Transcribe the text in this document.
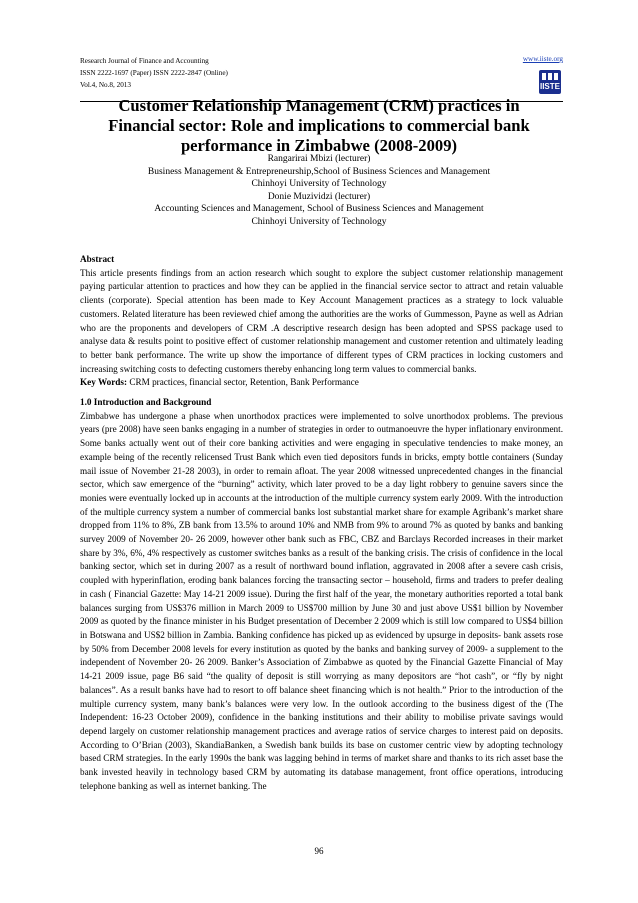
Research Journal of Finance and Accounting
ISSN 2222-1697 (Paper) ISSN 2222-2847 (Online)
Vol.4, No.8, 2013
www.iiste.org
IISTE
Customer Relationship Management (CRM) practices in Financial sector: Role and implications to commercial bank performance in Zimbabwe (2008-2009)
Rangarirai Mbizi (lecturer)
Business Management & Entrepreneurship,School of Business Sciences and Management
Chinhoyi University of Technology
Donie Muzividzi (lecturer)
Accounting Sciences and Management, School of Business Sciences and Management
Chinhoyi University of Technology

Abstract

This article presents findings from an action research which sought to explore the subject customer relationship management paying particular attention to practices and how they can be applied in the financial service sector to attract and retain valuable clients (corporate). Special attention has been made to Key Account Management practices as a strategy to lock valuable customers. Related literature has been reviewed chief among the authorities are the works of Gummesson, Payne as well as Adrian who are the proponents and developers of CRM .A descriptive research design has been adopted and SPSS package used to analyse data & results point to positive effect of customer relationship management and customer retention and ultimately leading to better bank performance. The write up show the importance of different types of CRM practices in locking customers and increasing switching costs to defecting customers thereby enhancing long term values to commercial banks.

Key Words: CRM practices, financial sector, Retention, Bank Performance

1.0 Introduction and Background

Zimbabwe has undergone a phase when unorthodox practices were implemented to solve unorthodox problems. The previous years (pre 2008) have seen banks engaging in a number of strategies in order to outmanoeuvre the hyper inflationary environment. Some banks actually went out of their core banking activities and were engaging in speculative tendencies to make money, an example being of the recently relicensed Trust Bank which even tied depositors funds in bricks, empty bottle containers (Sunday mail issue of November 21-28 2003), in order to remain afloat. The year 2008 witnessed unprecedented changes in the financial sector, which saw emergence of the “burning” activity, which later proved to be a day light robbery to genuine savers since the monies were eventually locked up in accounts at the introduction of the multiple currency system early 2009. With the introduction of the multiple currency system a number of commercial banks lost substantial market share for example Agribank’s market share dropped from 11% to 8%, ZB bank from 13.5% to around 10% and NMB from 9% to around 7% as quoted by banks and banking survey 2009 of November 20- 26 2009, however other bank such as FBC, CBZ and Barclays Recorded increases in their market share by 3%, 6%, 4% respectively as customer switches banks as a result of the banking crisis. The crisis of confidence in the local banking sector, which set in during 2007 as a result of northward bound inflation, aggravated in 2008 after a severe cash crisis, coupled with hyperinflation, eroding bank balances forcing the transacting sector – household, firms and traders to prefer dealing in cash ( Financial Gazette: May 14-21 2009 issue). During the first half of the year, the monetary authorities reported a total bank balances surging from US$376 million in March 2009 to US$700 million by June 30 and just above US$1 billion by November 2009 as quoted by the finance minister in his Budget presentation of December 2 2009 which is still low compared to US$4 billion in Botswana and US$2 billion in Zambia. Banking confidence has picked up as evidenced by upsurge in deposits- bank assets rose by 50% from December 2008 levels for every institution as quoted by the banks and banking survey of 2009- a supplement to the independent of November 20- 26 2009. Banker’s Association of Zimbabwe as quoted by the Financial Gazette Financial of May 14-21 2009 issue, page B6 said “the quality of deposit is still worrying as many depositors are “hot cash”, or “fly by night balances”. As a result banks have had to resort to off balance sheet financing which is not health.” Prior to the introduction of the multiple currency system, many bank’s balances were very low. In the outlook according to the business digest of the (The Independent: 16-23 October 2009), confidence in the banking institutions and their ability to mobilise private savings would depend largely on customer relationship management practices and average ratios of service charges to interest paid on deposits. According to O’Brian (2003), SkandiaBanken, a Swedish bank builds its base on customer centric view by adopting technology based CRM strategies. In the early 1990s the bank was lagging behind in terms of market share and thanks to its rich asset base the bank invested heavily in technology based CRM by automating its database management, front office operations, introducing telephone banking as well as internet banking. The

96
